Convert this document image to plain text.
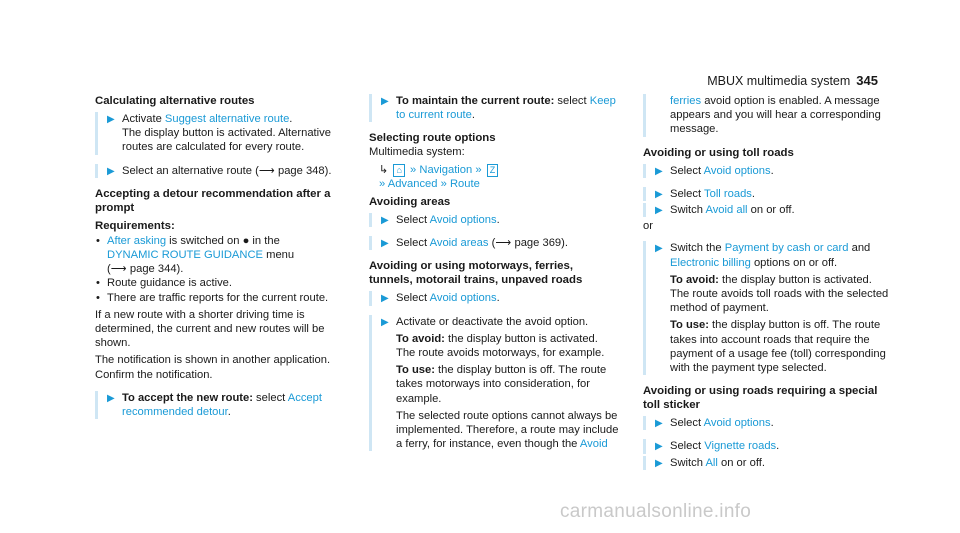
MBUX multimedia system 345
Calculating alternative routes
▶ Activate Suggest alternative route.

The display button is activated. Alternative routes are calculated for every route.

▶ Select an alternative route (⟶ page 348).
Accepting a detour recommendation after a prompt
Requirements:
• After asking is switched on ● in the
DYNAMIC ROUTE GUIDANCE menu
(⟶ page 344).
• Route guidance is active.
• There are traffic reports for the current route.

If a new route with a shorter driving time is determined, the current and new routes will be shown.

The notification is shown in another application. Confirm the notification.

▶ To accept the new route: select Accept recommended detour.
▶ To maintain the current route: select Keep to current route.
Selecting route options

Multimedia system:

↳ ⌂ » Navigation » Z
» Advanced » Route
Avoiding areas
▶ Select Avoid options.
▶ Select Avoid areas (⟶ page 369).
Avoiding or using motorways, ferries, tunnels, motorail trains, unpaved roads
▶ Select Avoid options.
▶ Activate or deactivate the avoid option.

To avoid: the display button is activated. The route avoids motorways, for example.

To use: the display button is off. The route takes motorways into consideration, for example.

The selected route options cannot always be implemented. Therefore, a route may include a ferry, for instance, even though the Avoid

ferries avoid option is enabled. A message appears and you will hear a corresponding message.
Avoiding or using toll roads
▶ Select Avoid options.
▶ Select Toll roads.
▶ Switch Avoid all on or off.

or

▶ Switch the Payment by cash or card and Electronic billing options on or off.

To avoid: the display button is activated. The route avoids toll roads with the selected method of payment.

To use: the display button is off. The route takes into account roads that require the payment of a usage fee (toll) corresponding with the payment type selected.

Avoiding or using roads requiring a special toll sticker
▶ Select Avoid options.
▶ Select Vignette roads.
▶ Switch All on or off.
carmanualsonline.info
